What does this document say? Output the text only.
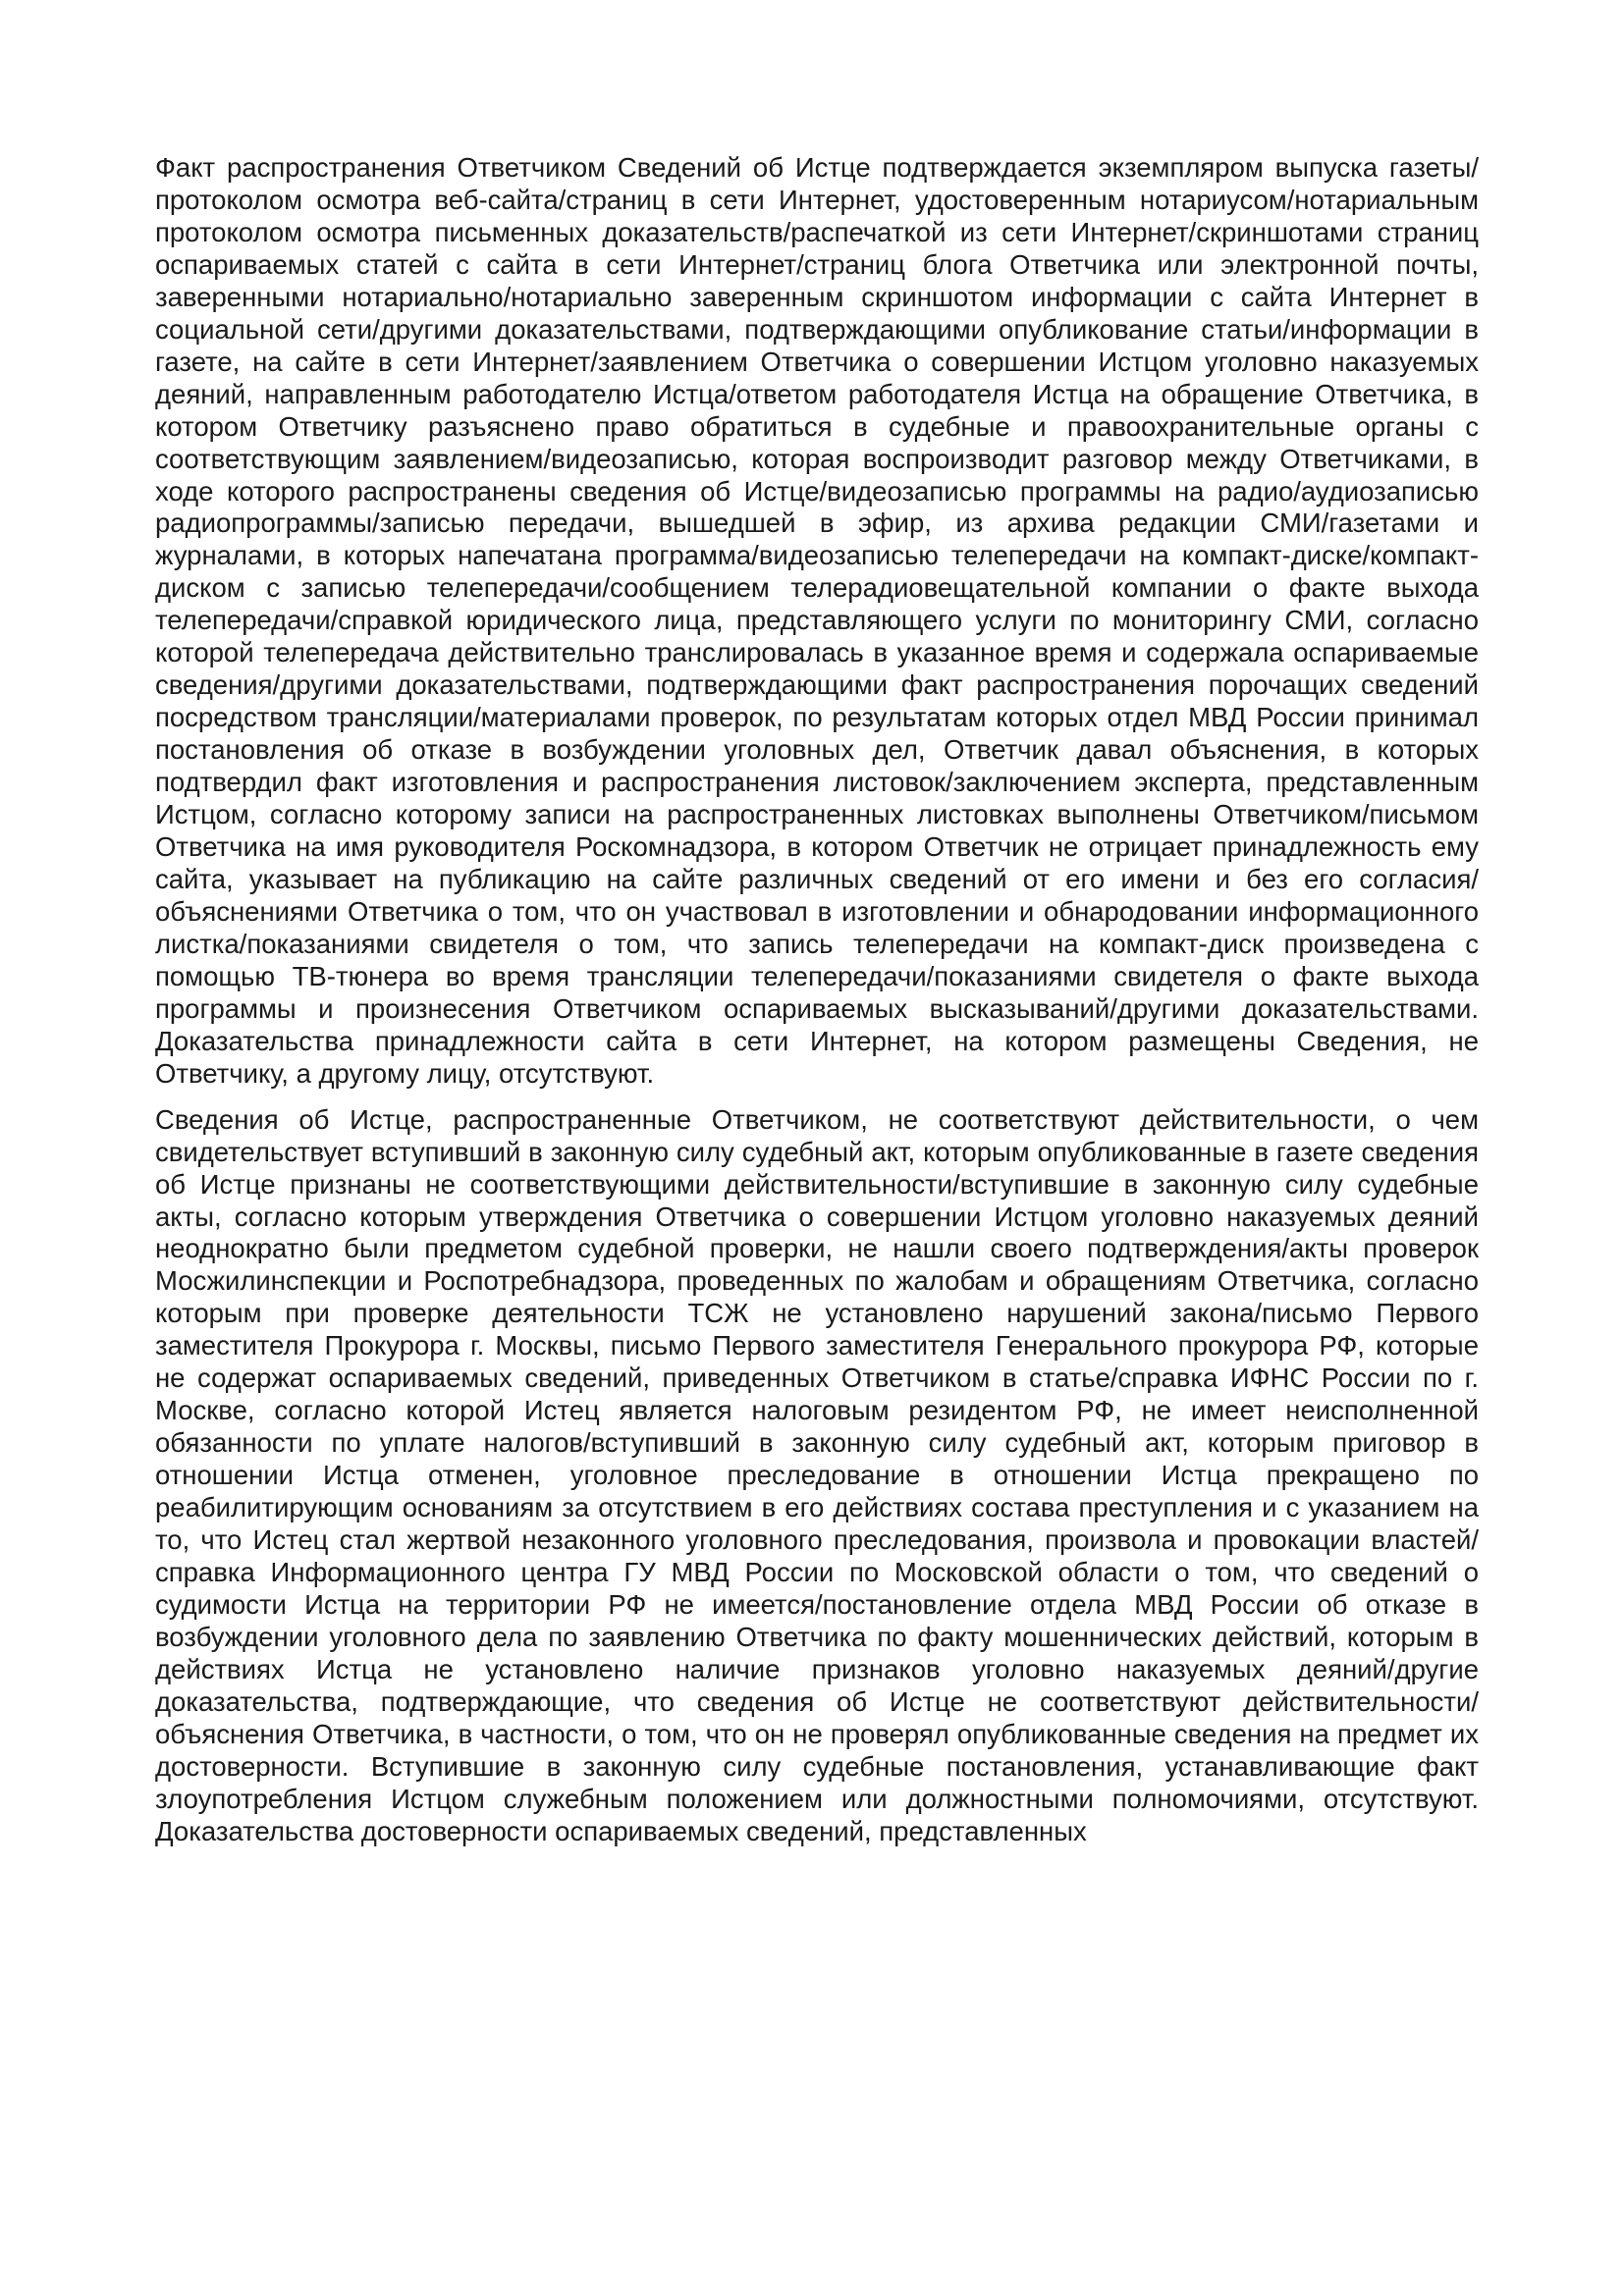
Факт распространения Ответчиком Сведений об Истце подтверждается экземпляром выпуска газеты/протоколом осмотра веб-сайта/страниц в сети Интернет, удостоверенным нотариусом/нотариальным протоколом осмотра письменных доказательств/распечаткой из сети Интернет/скриншотами страниц оспариваемых статей с сайта в сети Интернет/страниц блога Ответчика или электронной почты, заверенными нотариально/нотариально заверенным скриншотом информации с сайта Интернет в социальной сети/другими доказательствами, подтверждающими опубликование статьи/информации в газете, на сайте в сети Интернет/заявлением Ответчика о совершении Истцом уголовно наказуемых деяний, направленным работодателю Истца/ответом работодателя Истца на обращение Ответчика, в котором Ответчику разъяснено право обратиться в судебные и правоохранительные органы с соответствующим заявлением/видеозаписью, которая воспроизводит разговор между Ответчиками, в ходе которого распространены сведения об Истце/видеозаписью программы на радио/аудиозаписью радиопрограммы/записью передачи, вышедшей в эфир, из архива редакции СМИ/газетами и журналами, в которых напечатана программа/видеозаписью телепередачи на компакт-диске/компакт-диском с записью телепередачи/сообщением телерадиовещательной компании о факте выхода телепередачи/справкой юридического лица, представляющего услуги по мониторингу СМИ, согласно которой телепередача действительно транслировалась в указанное время и содержала оспариваемые сведения/другими доказательствами, подтверждающими факт распространения порочащих сведений посредством трансляции/материалами проверок, по результатам которых отдел МВД России принимал постановления об отказе в возбуждении уголовных дел, Ответчик давал объяснения, в которых подтвердил факт изготовления и распространения листовок/заключением эксперта, представленным Истцом, согласно которому записи на распространенных листовках выполнены Ответчиком/письмом Ответчика на имя руководителя Роскомнадзора, в котором Ответчик не отрицает принадлежность ему сайта, указывает на публикацию на сайте различных сведений от его имени и без его согласия/объяснениями Ответчика о том, что он участвовал в изготовлении и обнародовании информационного листка/показаниями свидетеля о том, что запись телепередачи на компакт-диск произведена с помощью ТВ-тюнера во время трансляции телепередачи/показаниями свидетеля о факте выхода программы и произнесения Ответчиком оспариваемых высказываний/другими доказательствами. Доказательства принадлежности сайта в сети Интернет, на котором размещены Сведения, не Ответчику, а другому лицу, отсутствуют.

Сведения об Истце, распространенные Ответчиком, не соответствуют действительности, о чем свидетельствует вступивший в законную силу судебный акт, которым опубликованные в газете сведения об Истце признаны не соответствующими действительности/вступившие в законную силу судебные акты, согласно которым утверждения Ответчика о совершении Истцом уголовно наказуемых деяний неоднократно были предметом судебной проверки, не нашли своего подтверждения/акты проверок Мосжилинспекции и Роспотребнадзора, проведенных по жалобам и обращениям Ответчика, согласно которым при проверке деятельности ТСЖ не установлено нарушений закона/письмо Первого заместителя Прокурора г. Москвы, письмо Первого заместителя Генерального прокурора РФ, которые не содержат оспариваемых сведений, приведенных Ответчиком в статье/справка ИФНС России по г. Москве, согласно которой Истец является налоговым резидентом РФ, не имеет неисполненной обязанности по уплате налогов/вступивший в законную силу судебный акт, которым приговор в отношении Истца отменен, уголовное преследование в отношении Истца прекращено по реабилитирующим основаниям за отсутствием в его действиях состава преступления и с указанием на то, что Истец стал жертвой незаконного уголовного преследования, произвола и провокации властей/справка Информационного центра ГУ МВД России по Московской области о том, что сведений о судимости Истца на территории РФ не имеется/постановление отдела МВД России об отказе в возбуждении уголовного дела по заявлению Ответчика по факту мошеннических действий, которым в действиях Истца не установлено наличие признаков уголовно наказуемых деяний/другие доказательства, подтверждающие, что сведения об Истце не соответствуют действительности/объяснения Ответчика, в частности, о том, что он не проверял опубликованные сведения на предмет их достоверности. Вступившие в законную силу судебные постановления, устанавливающие факт злоупотребления Истцом служебным положением или должностными полномочиями, отсутствуют. Доказательства достоверности оспариваемых сведений, представленных
